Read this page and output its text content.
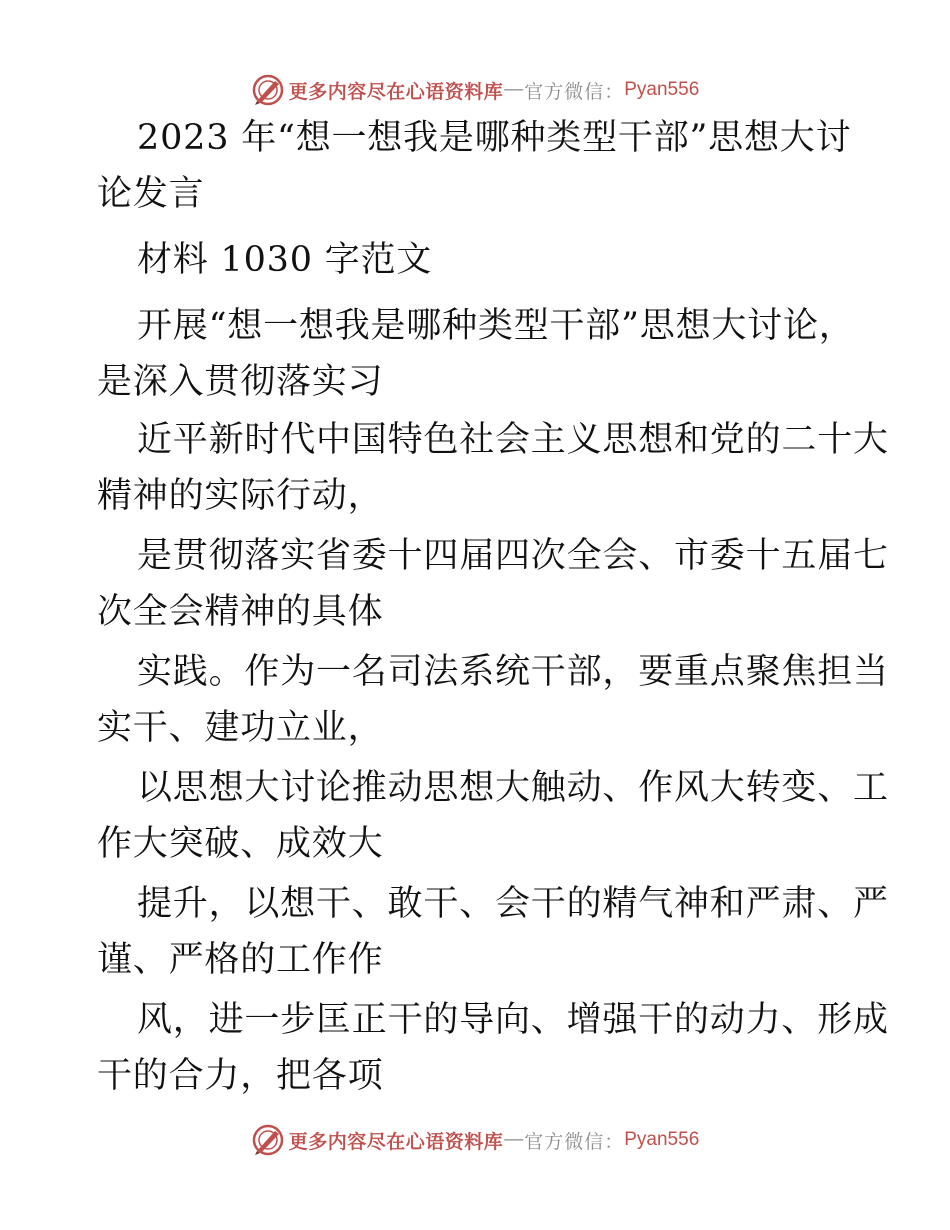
更多内容尽在心语资料库 — 官方微信： Pyan556
2023 年“想一想我是哪种类型干部”思想大讨
论发言
材料 1030 字范文
开展“想一想我是哪种类型干部”思想大讨论，
是深入贯彻落实习
近平新时代中国特色社会主义思想和党的二十大
精神的实际行动，
是贯彻落实省委十四届四次全会、市委十五届七
次全会精神的具体
实践。作为一名司法系统干部，要重点聚焦担当
实干、建功立业，
以思想大讨论推动思想大触动、作风大转变、工
作大突破、成效大
提升，以想干、敢干、会干的精气神和严肃、严
谨、严格的工作作
风，进一步匡正干的导向、增强干的动力、形成
干的合力，把各项
更多内容尽在心语资料库 — 官方微信： Pyan556
